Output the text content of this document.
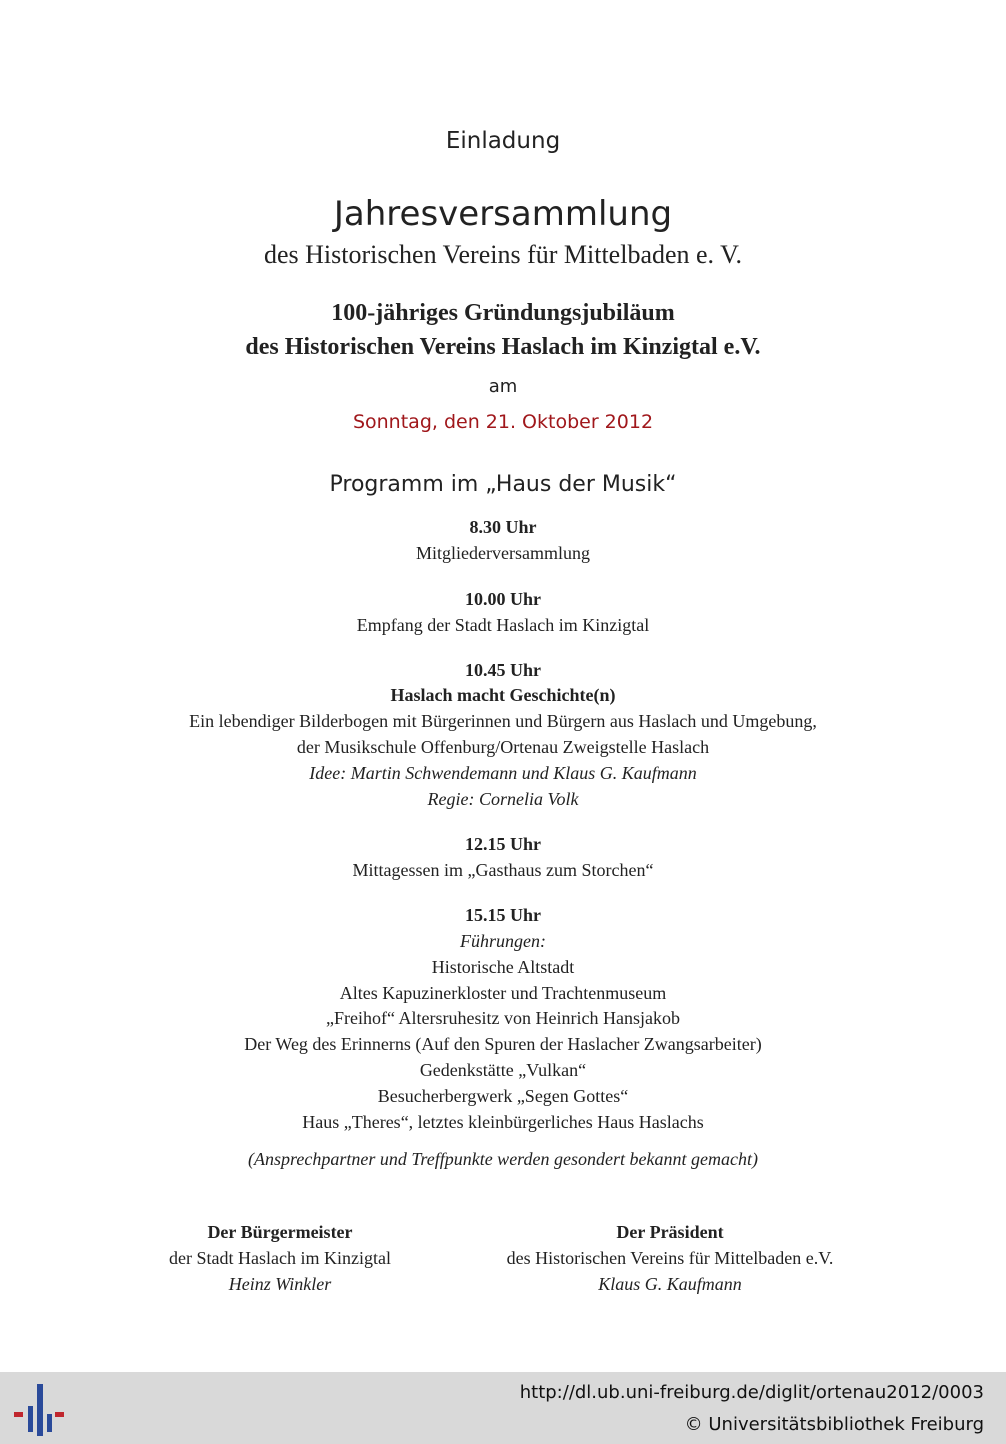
Einladung
Jahresversammlung
des Historischen Vereins für Mittelbaden e. V.
100-jähriges Gründungsjubiläum
des Historischen Vereins Haslach im Kinzigtal e.V.
am
Sonntag, den 21. Oktober 2012
Programm im „Haus der Musik“
8.30 Uhr
Mitgliederversammlung
10.00 Uhr
Empfang der Stadt Haslach im Kinzigtal
10.45 Uhr
Haslach macht Geschichte(n)
Ein lebendiger Bilderbogen mit Bürgerinnen und Bürgern aus Haslach und Umgebung,
der Musikschule Offenburg/Ortenau Zweigstelle Haslach
Idee: Martin Schwendemann und Klaus G. Kaufmann
Regie: Cornelia Volk
12.15 Uhr
Mittagessen im „Gasthaus zum Storchen“
15.15 Uhr
Führungen:
Historische Altstadt
Altes Kapuzinerkloster und Trachtenmuseum
„Freihof“ Altersruhesitz von Heinrich Hansjakob
Der Weg des Erinnerns (Auf den Spuren der Haslacher Zwangsarbeiter)
Gedenkstätte „Vulkan“
Besucherbergwerk „Segen Gottes“
Haus „Theres“, letztes kleinbürgerliches Haus Haslachs
(Ansprechpartner und Treffpunkte werden gesondert bekannt gemacht)
Der Bürgermeister
der Stadt Haslach im Kinzigtal
Heinz Winkler
Der Präsident
des Historischen Vereins für Mittelbaden e.V.
Klaus G. Kaufmann
http://dl.ub.uni-freiburg.de/diglit/ortenau2012/0003
© Universitätsbibliothek Freiburg
